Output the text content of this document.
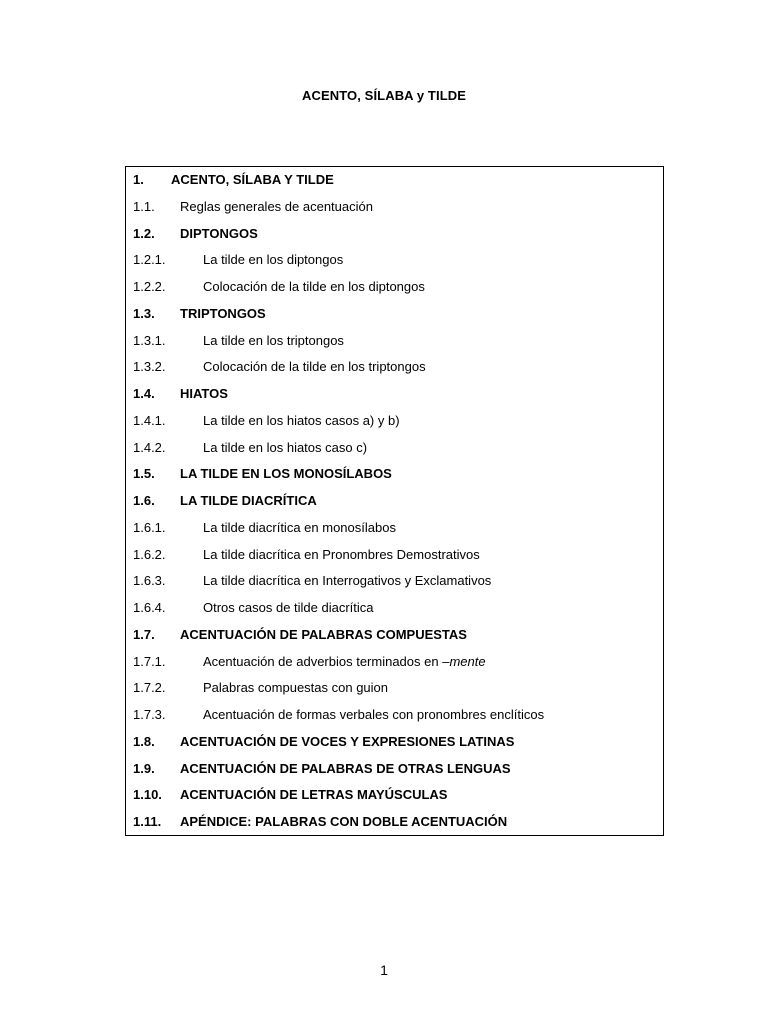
ACENTO, SÍLABA y TILDE
1. ACENTO, SÍLABA Y TILDE
1.1. Reglas generales de acentuación
1.2. DIPTONGOS
1.2.1.	La tilde en los diptongos
1.2.2.	Colocación de la tilde en los diptongos
1.3. TRIPTONGOS
1.3.1.	La tilde en los triptongos
1.3.2.	Colocación de la tilde en los triptongos
1.4. HIATOS
1.4.1.	La tilde en los hiatos casos a) y b)
1.4.2.	La tilde en los hiatos caso c)
1.5. LA TILDE EN LOS MONOSÍLABOS
1.6. LA TILDE DIACRÍTICA
1.6.1.	La tilde diacrítica en monosílabos
1.6.2.	La tilde diacrítica en Pronombres Demostrativos
1.6.3.	La tilde diacrítica en Interrogativos y Exclamativos
1.6.4.	Otros casos de tilde diacrítica
1.7. ACENTUACIÓN DE PALABRAS COMPUESTAS
1.7.1.	Acentuación de adverbios terminados en –mente
1.7.2.	Palabras compuestas con guion
1.7.3.	Acentuación de formas verbales con pronombres enclíticos
1.8. ACENTUACIÓN DE VOCES Y EXPRESIONES LATINAS
1.9. ACENTUACIÓN DE PALABRAS DE OTRAS LENGUAS
1.10. ACENTUACIÓN DE LETRAS MAYÚSCULAS
1.11. APÉNDICE: PALABRAS CON DOBLE ACENTUACIÓN
1
